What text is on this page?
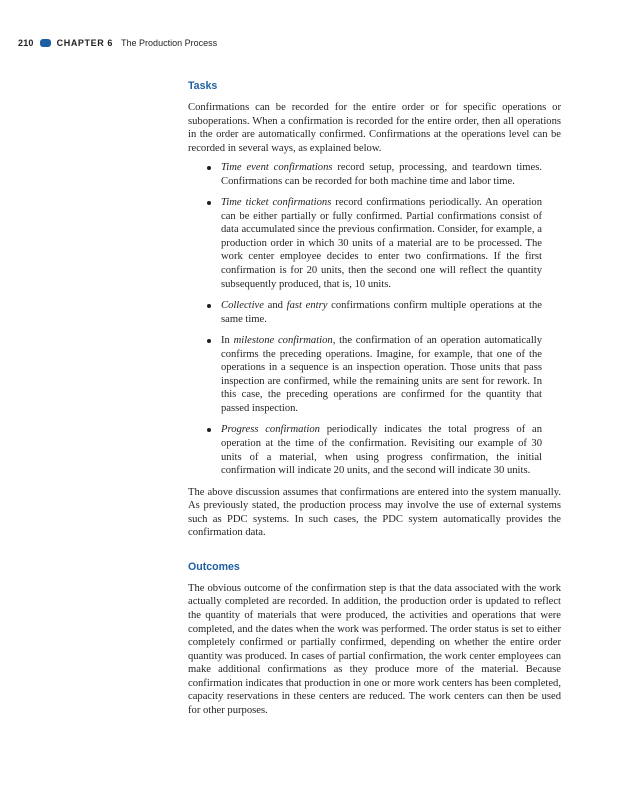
210	CHAPTER 6 The Production Process
Tasks

Confirmations can be recorded for the entire order or for specific operations or suboperations. When a confirmation is recorded for the entire order, then all operations in the order are automatically confirmed. Confirmations at the operations level can be recorded in several ways, as explained below.

Time event confirmations record setup, processing, and teardown times. Confirmations can be recorded for both machine time and labor time.
Time ticket confirmations record confirmations periodically. An operation can be either partially or fully confirmed. Partial confirmations consist of data accumulated since the previous confirmation. Consider, for example, a production order in which 30 units of a material are to be processed. The work center employee decides to enter two confirmations. If the first confirmation is for 20 units, then the second one will reflect the quantity subsequently produced, that is, 10 units.
Collective and fast entry confirmations confirm multiple operations at the same time.
In milestone confirmation, the confirmation of an operation automatically confirms the preceding operations. Imagine, for example, that one of the operations in a sequence is an inspection operation. Those units that pass inspection are confirmed, while the remaining units are sent for rework. In this case, the preceding operations are confirmed for the quantity that passed inspection.
Progress confirmation periodically indicates the total progress of an operation at the time of the confirmation. Revisiting our example of 30 units of a material, when using progress confirmation, the initial confirmation will indicate 20 units, and the second will indicate 30 units.

The above discussion assumes that confirmations are entered into the system manually. As previously stated, the production process may involve the use of external systems such as PDC systems. In such cases, the PDC system automatically provides the confirmation data.

Outcomes

The obvious outcome of the confirmation step is that the data associated with the work actually completed are recorded. In addition, the production order is updated to reflect the quantity of materials that were produced, the activities and operations that were completed, and the dates when the work was performed. The order status is set to either completely confirmed or partially confirmed, depending on whether the entire order quantity was produced. In cases of partial confirmation, the work center employees can make additional confirmations as they produce more of the material. Because confirmation indicates that production in one or more work centers has been completed, capacity reservations in these centers are reduced. The work centers can then be used for other purposes.
